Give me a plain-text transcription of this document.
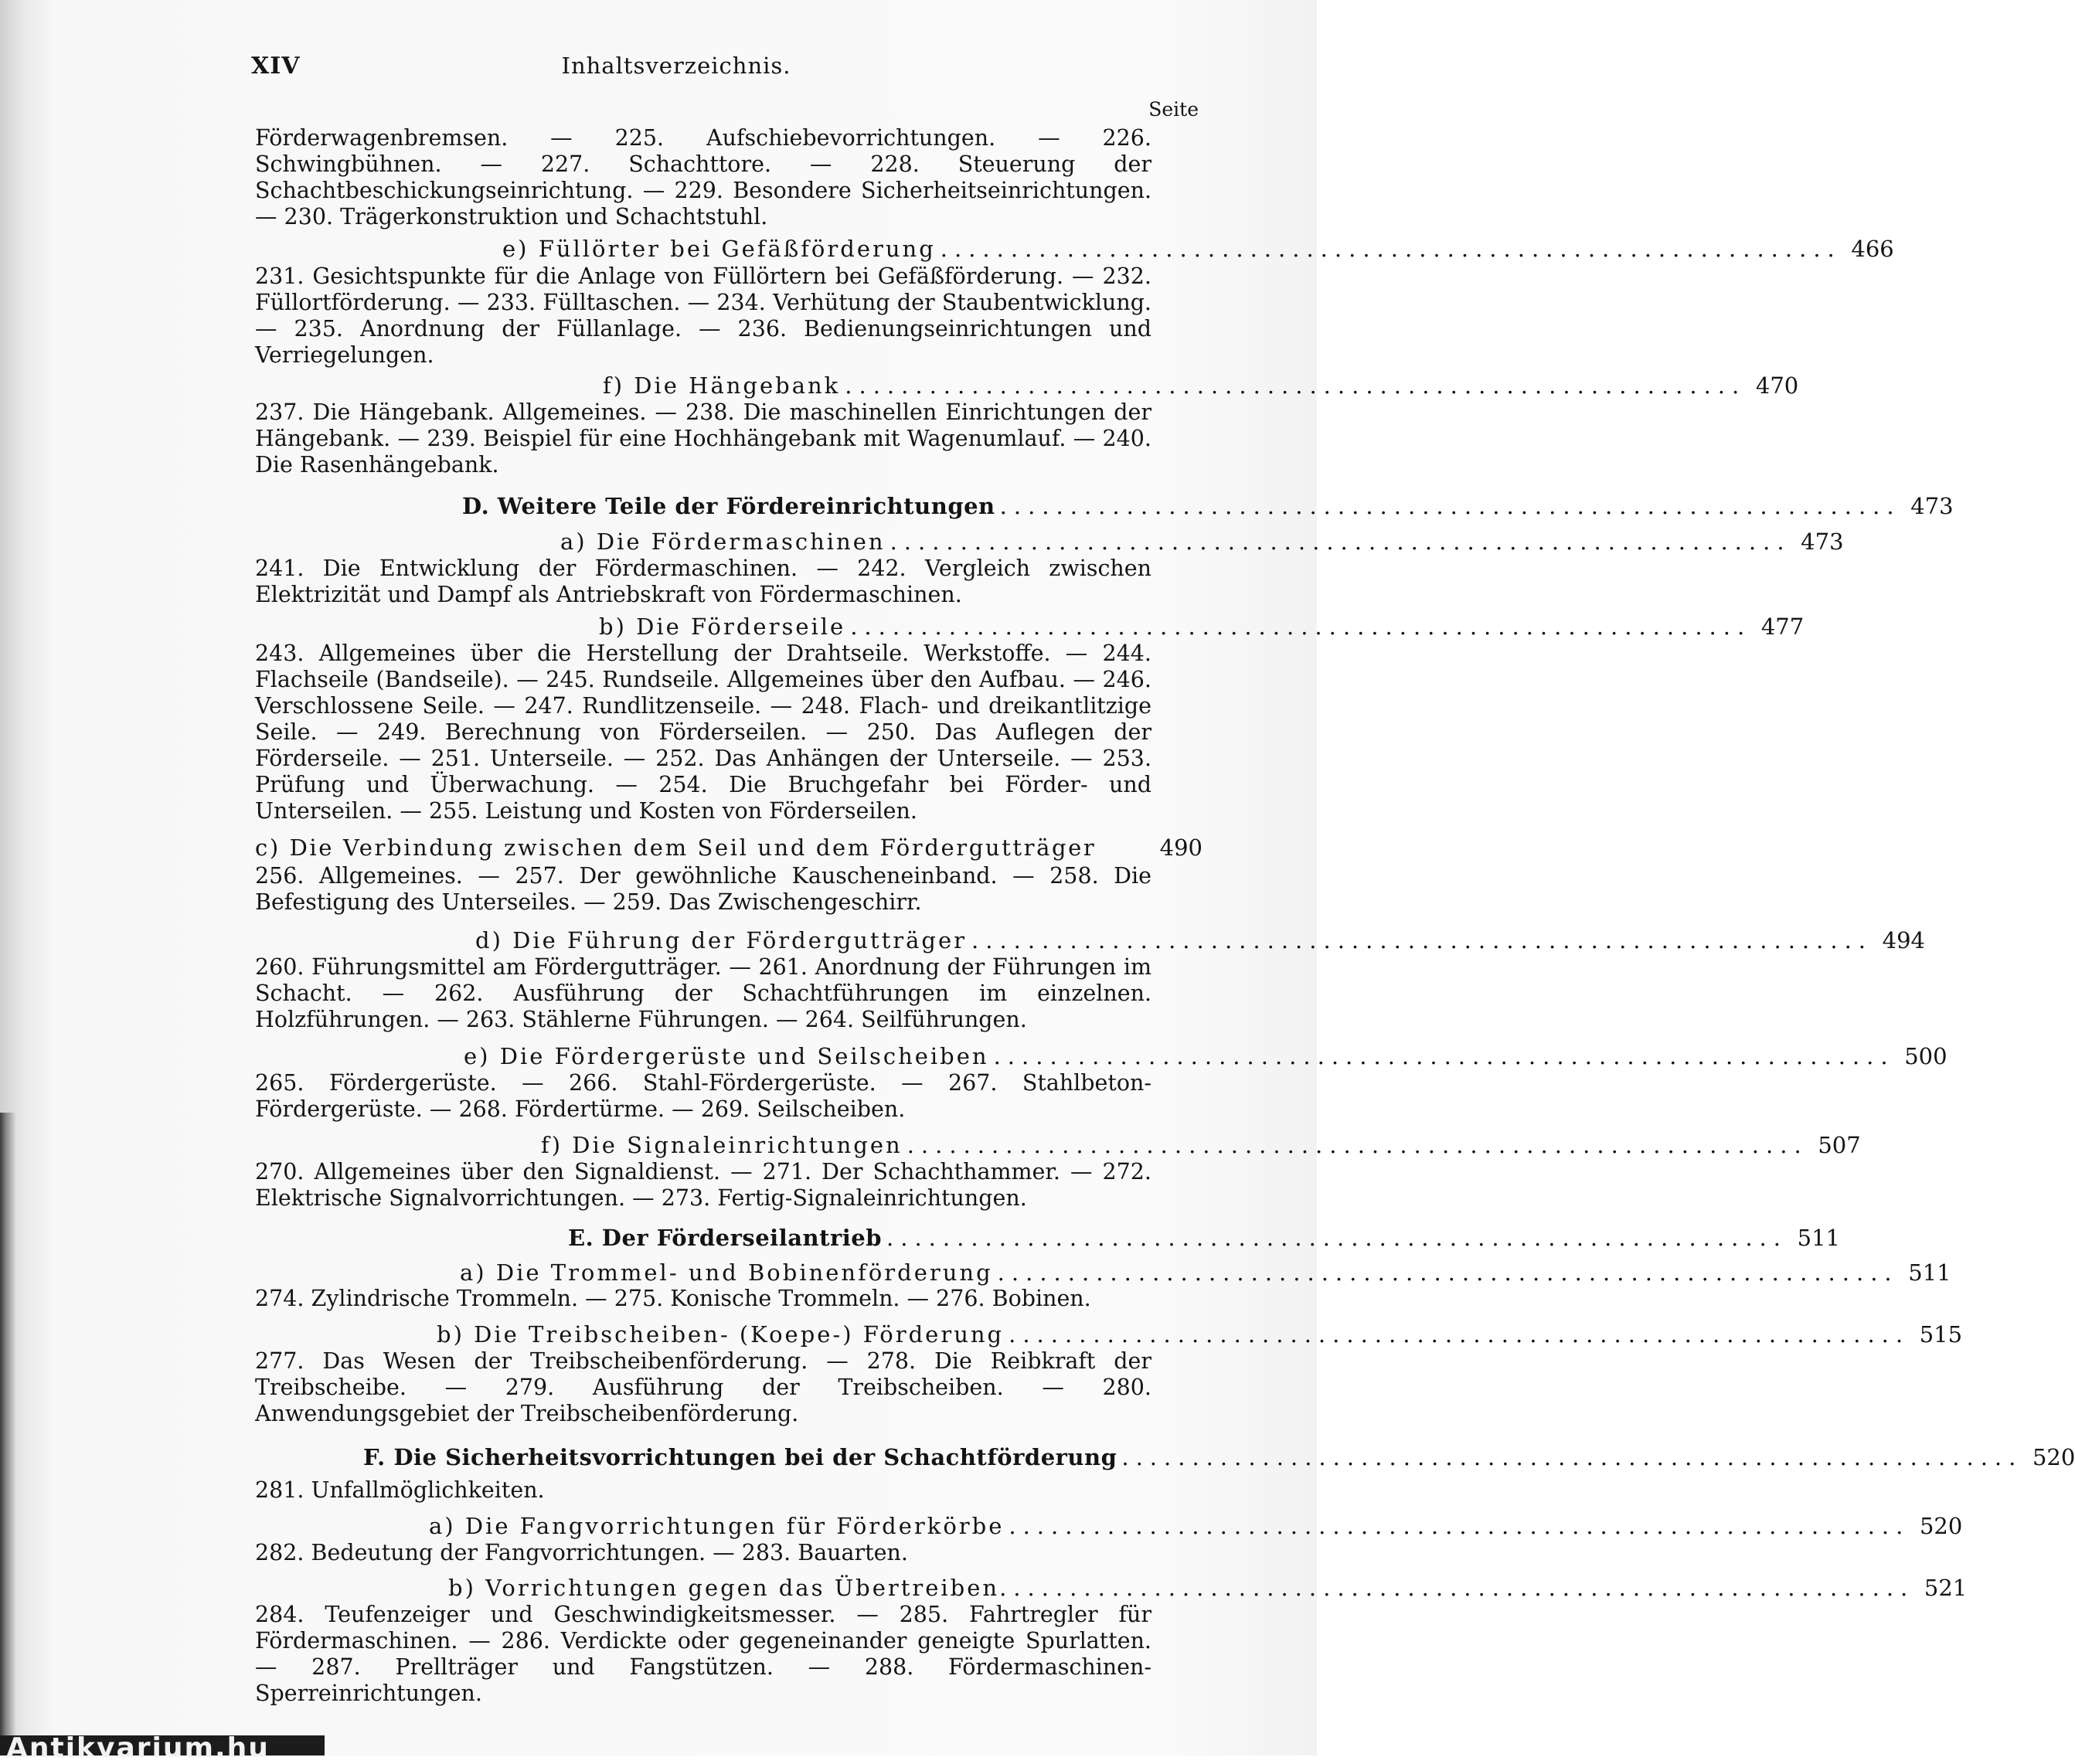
XIV	Inhaltsverzeichnis.
Seite

Förderwagenbremsen. — 225. Aufschiebevorrichtungen. — 226. Schwingbühnen. — 227. Schachttore. — 228. Steuerung der Schachtbeschickungseinrichtung. — 229. Besondere Sicherheitseinrichtungen. — 230. Trägerkonstruktion und Schachtstuhl.

e) Füllörter bei Gefäßförderung ................................................................ 466

231. Gesichtspunkte für die Anlage von Füllörtern bei Gefäßförderung. — 232. Füllortförderung. — 233. Fülltaschen. — 234. Verhütung der Staubentwicklung. — 235. Anordnung der Füllanlage. — 236. Bedienungseinrichtungen und Verriegelungen.

f) Die Hängebank ................................................................ 470

237. Die Hängebank. Allgemeines. — 238. Die maschinellen Einrichtungen der Hängebank. — 239. Beispiel für eine Hochhängebank mit Wagenumlauf. — 240. Die Rasenhängebank.

D. Weitere Teile der Fördereinrichtungen ................................................................ 473
a) Die Fördermaschinen ................................................................ 473

241. Die Entwicklung der Fördermaschinen. — 242. Vergleich zwischen Elektrizität und Dampf als Antriebskraft von Fördermaschinen.

b) Die Förderseile ................................................................ 477

243. Allgemeines über die Herstellung der Drahtseile. Werkstoffe. — 244. Flachseile (Bandseile). — 245. Rundseile. Allgemeines über den Aufbau. — 246. Verschlossene Seile. — 247. Rundlitzenseile. — 248. Flach- und dreikantlitzige Seile. — 249. Berechnung von Förderseilen. — 250. Das Auflegen der Förderseile. — 251. Unterseile. — 252. Das Anhängen der Unterseile. — 253. Prüfung und Überwachung. — 254. Die Bruchgefahr bei Förder- und Unterseilen. — 255. Leistung und Kosten von Förderseilen.

c) Die Verbindung zwischen dem Seil und dem Fördergutträger	490

256. Allgemeines. — 257. Der gewöhnliche Kauscheneinband. — 258. Die Befestigung des Unterseiles. — 259. Das Zwischengeschirr.

d) Die Führung der Fördergutträger ................................................................ 494

260. Führungsmittel am Fördergutträger. — 261. Anordnung der Führungen im Schacht. — 262. Ausführung der Schachtführungen im einzelnen. Holzführungen. — 263. Stählerne Führungen. — 264. Seilführungen.

e) Die Fördergerüste und Seilscheiben ................................................................ 500

265. Fördergerüste. — 266. Stahl-Fördergerüste. — 267. Stahlbeton-Fördergerüste. — 268. Fördertürme. — 269. Seilscheiben.

f) Die Signaleinrichtungen ................................................................ 507

270. Allgemeines über den Signaldienst. — 271. Der Schachthammer. — 272. Elektrische Signalvorrichtungen. — 273. Fertig-Signaleinrichtungen.

E. Der Förderseilantrieb ................................................................ 511
a) Die Trommel- und Bobinenförderung ................................................................ 511

274. Zylindrische Trommeln. — 275. Konische Trommeln. — 276. Bobinen.

b) Die Treibscheiben- (Koepe-) Förderung ................................................................ 515

277. Das Wesen der Treibscheibenförderung. — 278. Die Reibkraft der Treibscheibe. — 279. Ausführung der Treibscheiben. — 280. Anwendungsgebiet der Treibscheibenförderung.

F. Die Sicherheitsvorrichtungen bei der Schachtförderung ................................................................ 520

281. Unfallmöglichkeiten.

a) Die Fangvorrichtungen für Förderkörbe ................................................................ 520

282. Bedeutung der Fangvorrichtungen. — 283. Bauarten.

b) Vorrichtungen gegen das Übertreiben. ................................................................ 521

284. Teufenzeiger und Geschwindigkeitsmesser. — 285. Fahrtregler für Fördermaschinen. — 286. Verdickte oder gegeneinander geneigte Spurlatten. — 287. Prellträger und Fangstützen. — 288. Fördermaschinen-Sperreinrichtungen.

Antikvarium.hu
